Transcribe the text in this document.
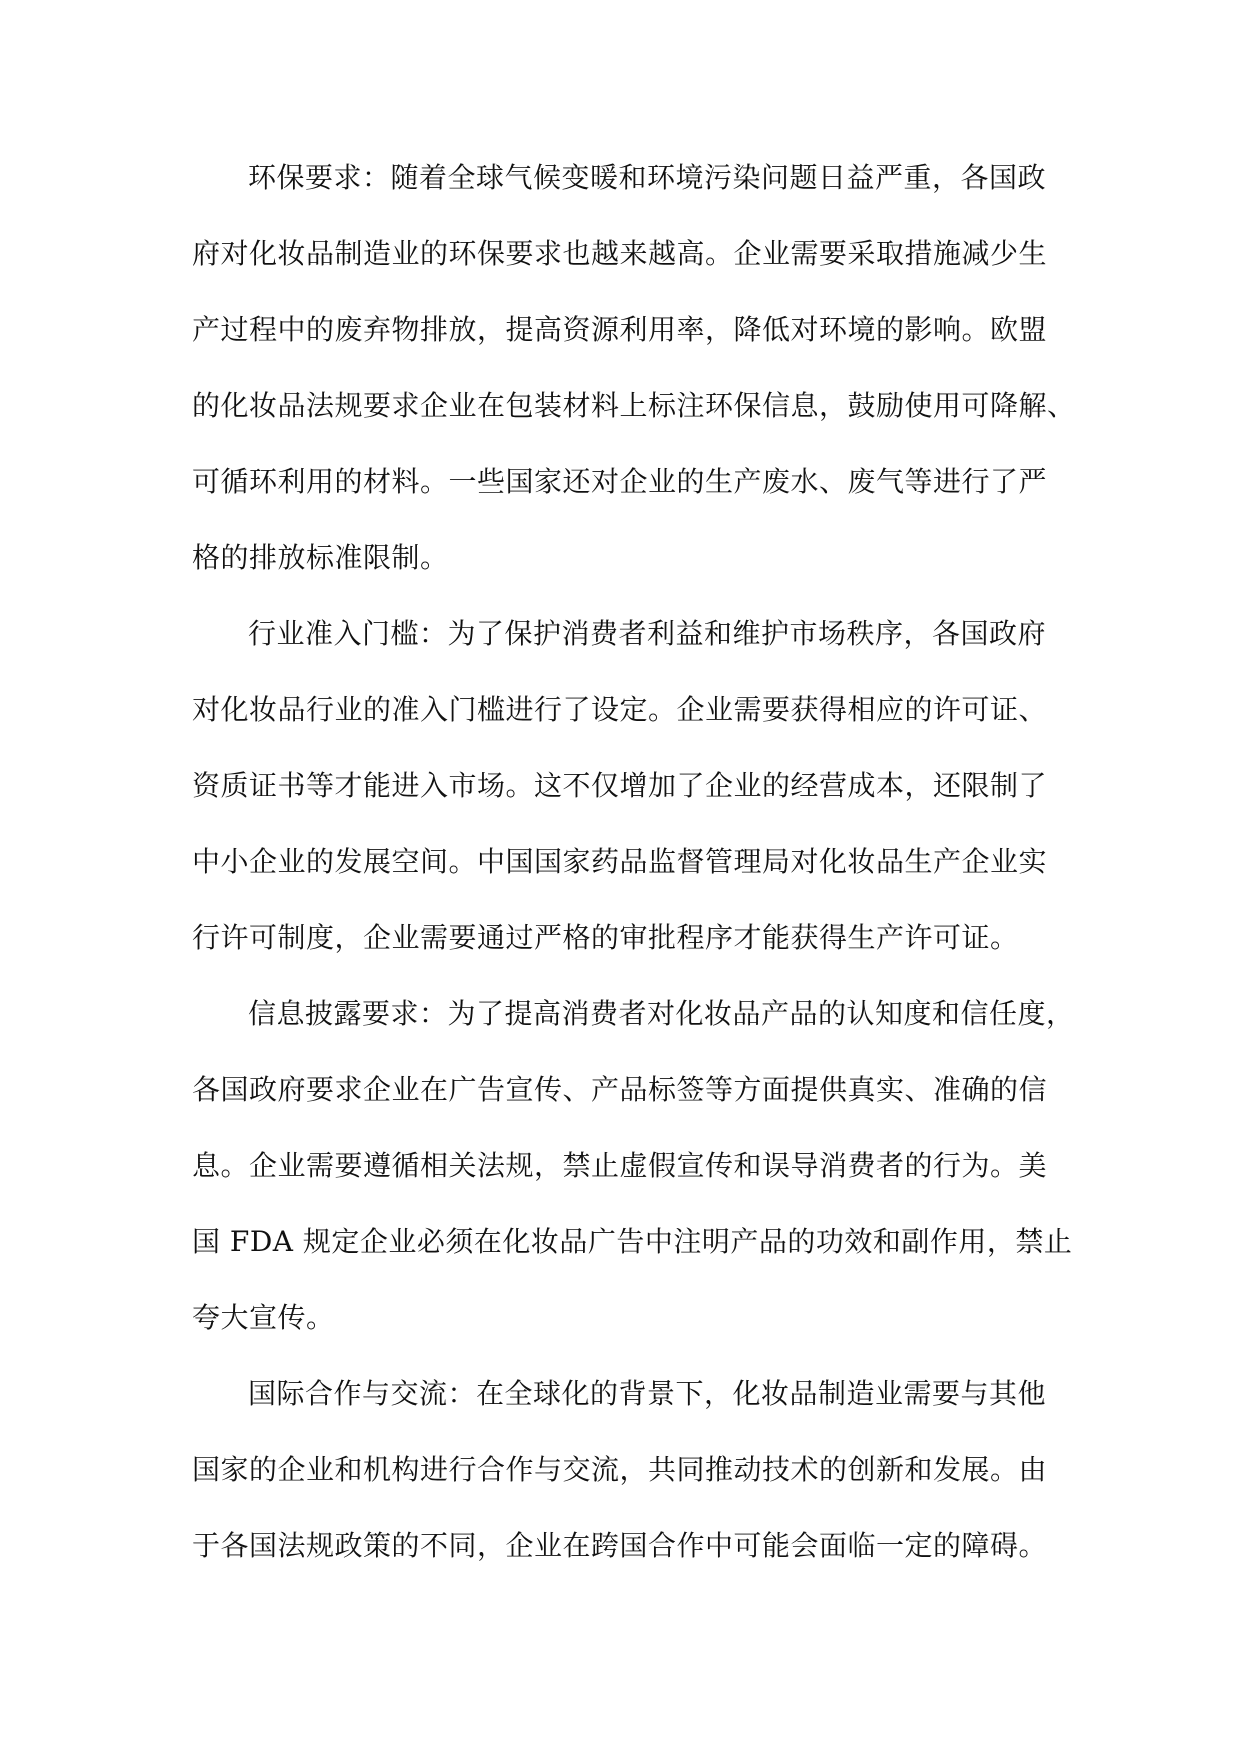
环保要求：随着全球气候变暖和环境污染问题日益严重，各国政
府对化妆品制造业的环保要求也越来越高。企业需要采取措施减少生
产过程中的废弃物排放，提高资源利用率，降低对环境的影响。欧盟
的化妆品法规要求企业在包装材料上标注环保信息，鼓励使用可降解、
可循环利用的材料。一些国家还对企业的生产废水、废气等进行了严
格的排放标准限制。
行业准入门槛：为了保护消费者利益和维护市场秩序，各国政府
对化妆品行业的准入门槛进行了设定。企业需要获得相应的许可证、
资质证书等才能进入市场。这不仅增加了企业的经营成本，还限制了
中小企业的发展空间。中国国家药品监督管理局对化妆品生产企业实
行许可制度，企业需要通过严格的审批程序才能获得生产许可证。
信息披露要求：为了提高消费者对化妆品产品的认知度和信任度，
各国政府要求企业在广告宣传、产品标签等方面提供真实、准确的信
息。企业需要遵循相关法规，禁止虚假宣传和误导消费者的行为。美
国 FDA 规定企业必须在化妆品广告中注明产品的功效和副作用，禁止
夸大宣传。
国际合作与交流：在全球化的背景下，化妆品制造业需要与其他
国家的企业和机构进行合作与交流，共同推动技术的创新和发展。由
于各国法规政策的不同，企业在跨国合作中可能会面临一定的障碍。
